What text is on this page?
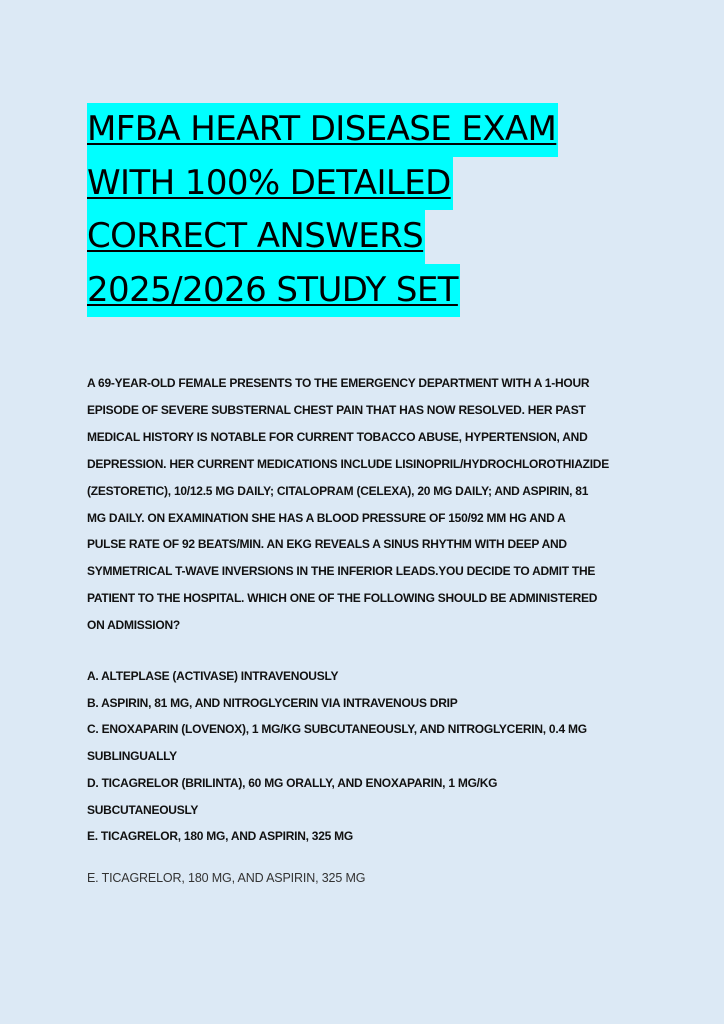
MFBA HEART DISEASE EXAM
WITH 100% DETAILED
CORRECT ANSWERS
2025/2026 STUDY SET
A 69-YEAR-OLD FEMALE PRESENTS TO THE EMERGENCY DEPARTMENT WITH A 1-HOUR
EPISODE OF SEVERE SUBSTERNAL CHEST PAIN THAT HAS NOW RESOLVED. HER PAST
MEDICAL HISTORY IS NOTABLE FOR CURRENT TOBACCO ABUSE, HYPERTENSION, AND
DEPRESSION. HER CURRENT MEDICATIONS INCLUDE LISINOPRIL/HYDROCHLOROTHIAZIDE
(ZESTORETIC), 10/12.5 MG DAILY; CITALOPRAM (CELEXA), 20 MG DAILY; AND ASPIRIN, 81
MG DAILY. ON EXAMINATION SHE HAS A BLOOD PRESSURE OF 150/92 MM HG AND A
PULSE RATE OF 92 BEATS/MIN. AN EKG REVEALS A SINUS RHYTHM WITH DEEP AND
SYMMETRICAL T-WAVE INVERSIONS IN THE INFERIOR LEADS.YOU DECIDE TO ADMIT THE
PATIENT TO THE HOSPITAL. WHICH ONE OF THE FOLLOWING SHOULD BE ADMINISTERED
ON ADMISSION?
A. ALTEPLASE (ACTIVASE) INTRAVENOUSLY
B. ASPIRIN, 81 MG, AND NITROGLYCERIN VIA INTRAVENOUS DRIP
C. ENOXAPARIN (LOVENOX), 1 MG/KG SUBCUTANEOUSLY, AND NITROGLYCERIN, 0.4 MG
SUBLINGUALLY
D. TICAGRELOR (BRILINTA), 60 MG ORALLY, AND ENOXAPARIN, 1 MG/KG
SUBCUTANEOUSLY
E. TICAGRELOR, 180 MG, AND ASPIRIN, 325 MG
E. TICAGRELOR, 180 MG, AND ASPIRIN, 325 MG
